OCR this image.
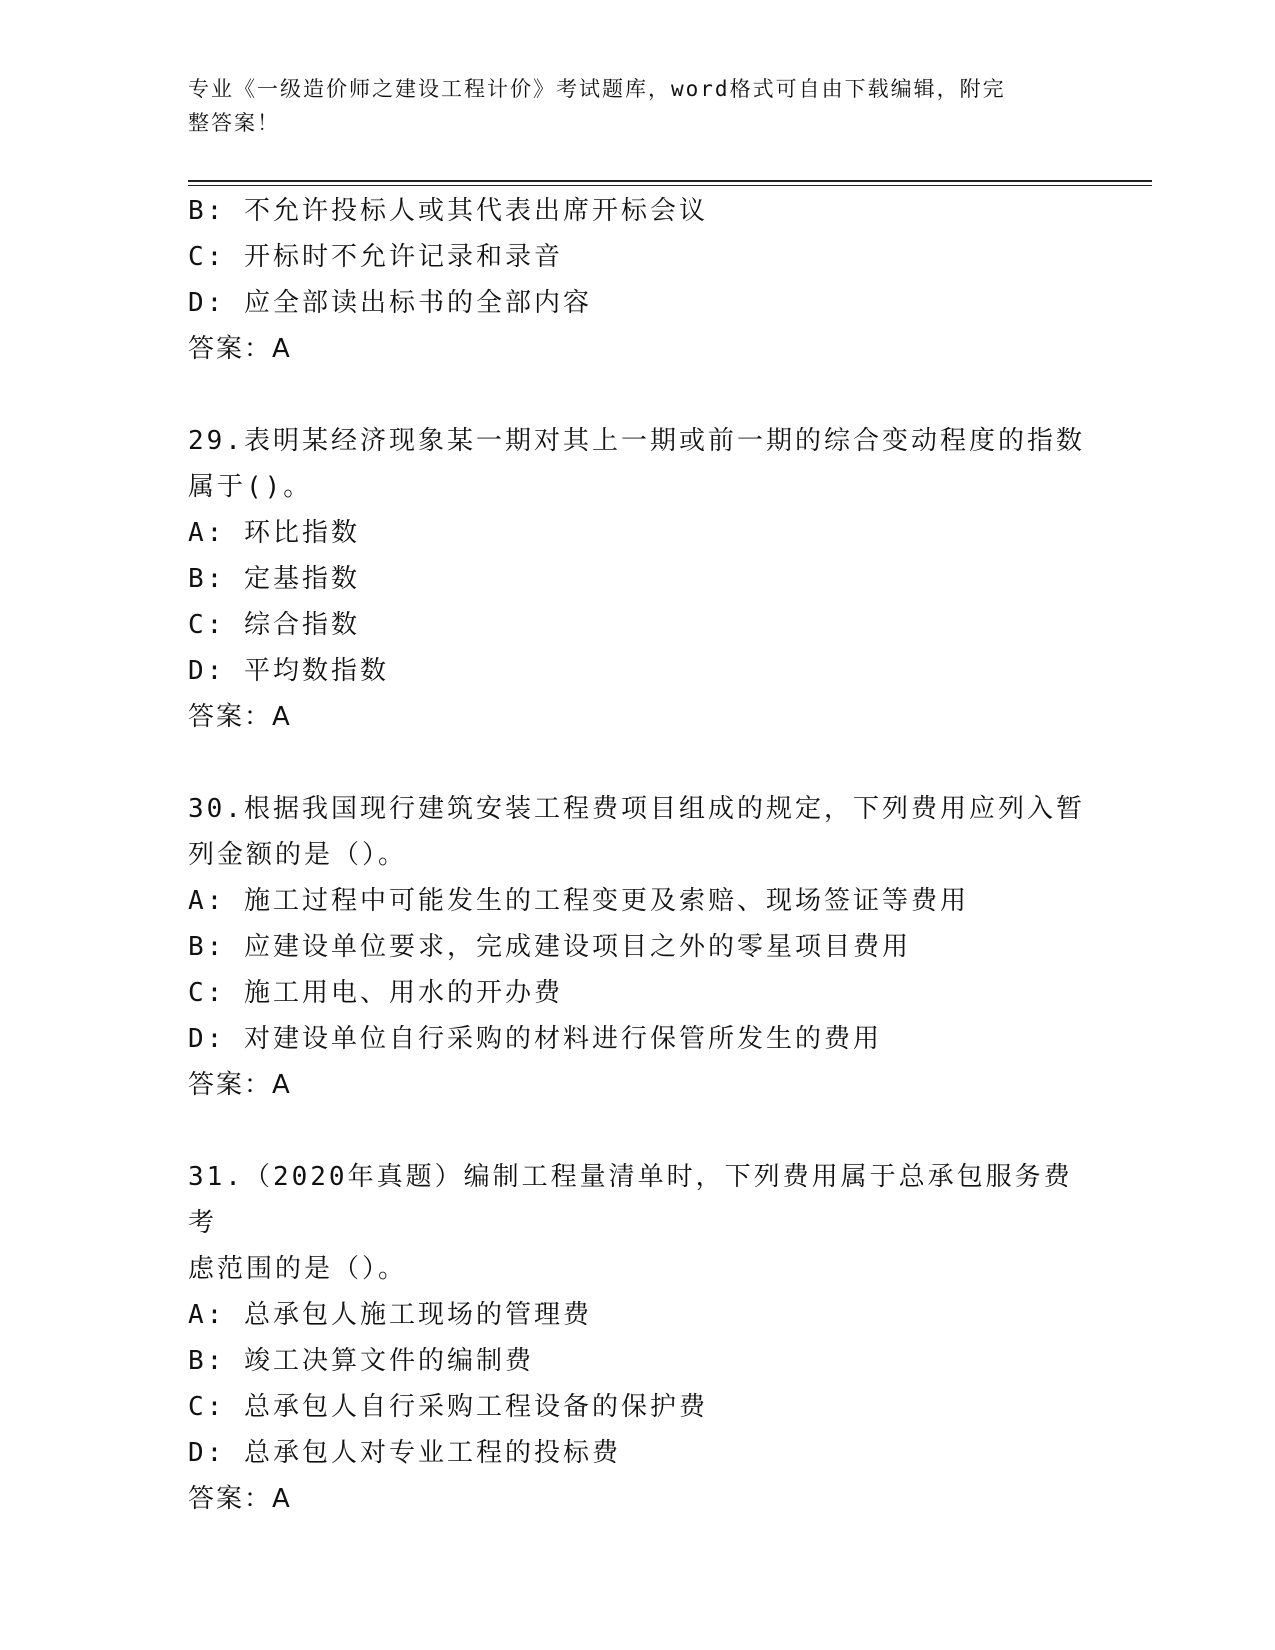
专业《一级造价师之建设工程计价》考试题库，word格式可自由下载编辑，附完
整答案！
B: 不允许投标人或其代表出席开标会议
C: 开标时不允许记录和录音
D: 应全部读出标书的全部内容
答案：A
29.表明某经济现象某一期对其上一期或前一期的综合变动程度的指数
属于()。
A: 环比指数
B: 定基指数
C: 综合指数
D: 平均数指数
答案：A
30.根据我国现行建筑安装工程费项目组成的规定，下列费用应列入暂
列金额的是（）。
A: 施工过程中可能发生的工程变更及索赔、现场签证等费用
B: 应建设单位要求，完成建设项目之外的零星项目费用
C: 施工用电、用水的开办费
D: 对建设单位自行采购的材料进行保管所发生的费用
答案：A
31.（2020年真题）编制工程量清单时，下列费用属于总承包服务费考
虑范围的是（）。
A: 总承包人施工现场的管理费
B: 竣工决算文件的编制费
C: 总承包人自行采购工程设备的保护费
D: 总承包人对专业工程的投标费
答案：A
